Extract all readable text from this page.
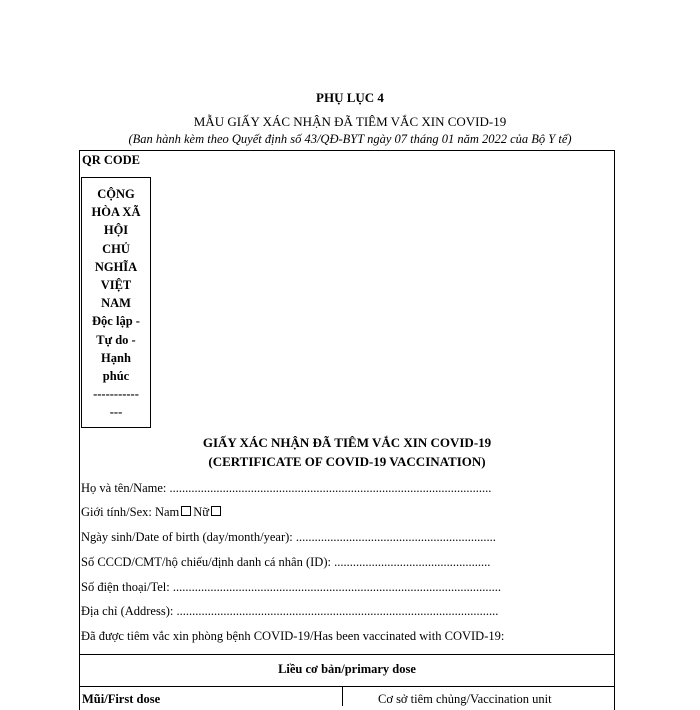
PHỤ LỤC 4
MẪU GIẤY XÁC NHẬN ĐÃ TIÊM VẮC XIN COVID-19
(Ban hành kèm theo Quyết định số 43/QĐ-BYT ngày 07 tháng 01 năm 2022 của Bộ Y tế)
QR CODE
CỘNG
HÒA XÃ
HỘI
CHỦ
NGHĨA
VIỆT
NAM
Độc lập -
Tự do -
Hạnh
phúc
-----------
---
GIẤY XÁC NHẬN ĐÃ TIÊM VẮC XIN COVID-19
(CERTIFICATE OF COVID-19 VACCINATION)
Họ và tên/Name: .......................................................................................................
Giới tính/Sex: Nam Nữ
Ngày sinh/Date of birth (day/month/year): ................................................................
Số CCCD/CMT/hộ chiếu/định danh cá nhân (ID): ..................................................
Số điện thoại/Tel: .........................................................................................................
Địa chỉ (Address): .......................................................................................................
Đã được tiêm vắc xin phòng bệnh COVID-19/Has been vaccinated with COVID-19:
Liều cơ bản/primary dose
Mũi/First dose	Cơ sở tiêm chủng/Vaccination unit
